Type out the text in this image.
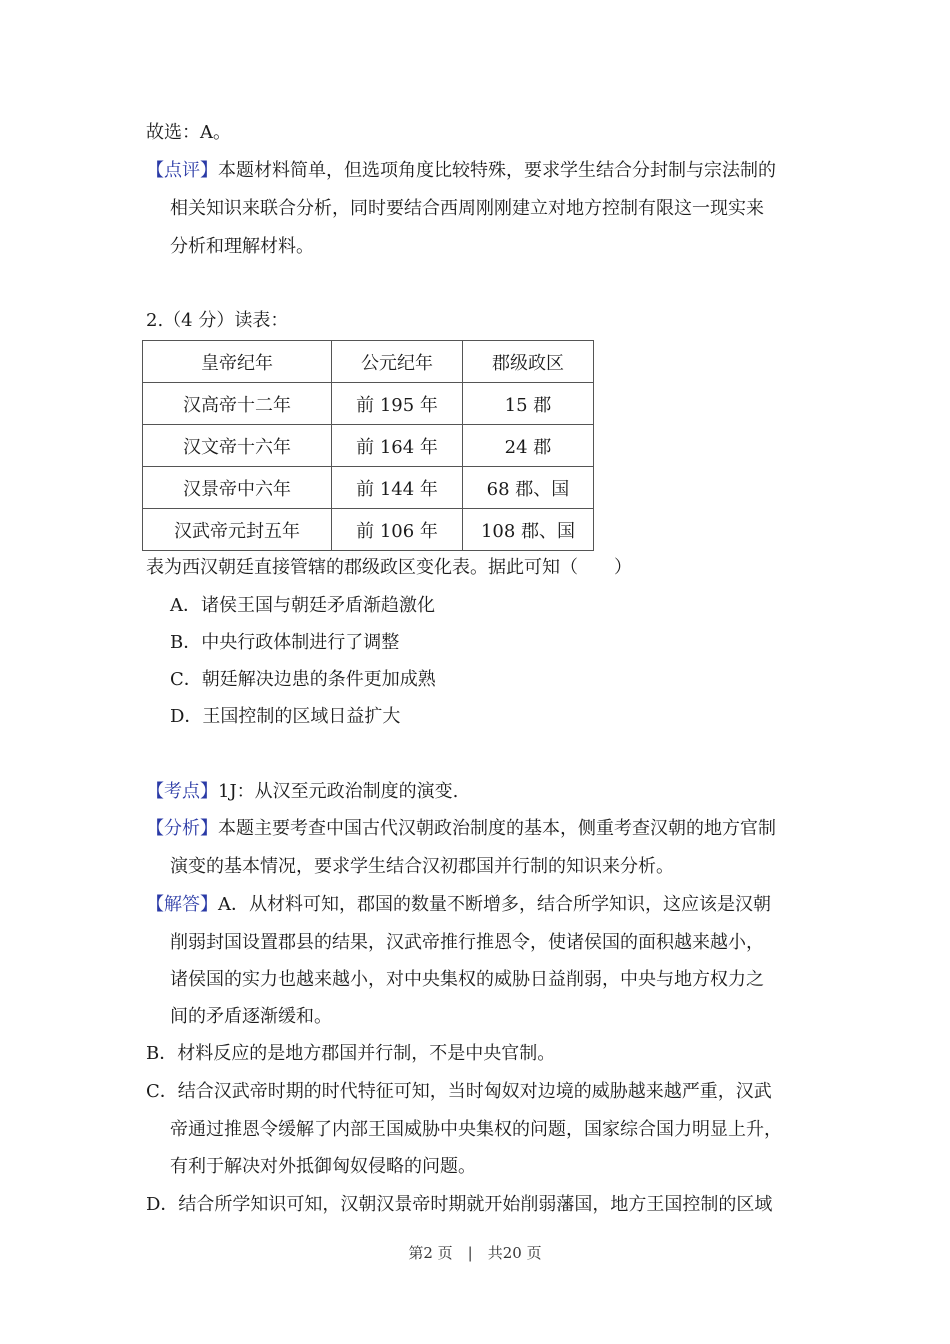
故选：A。
【点评】本题材料简单，但选项角度比较特殊，要求学生结合分封制与宗法制的
相关知识来联合分析，同时要结合西周刚刚建立对地方控制有限这一现实来
分析和理解材料。
2.（4 分）读表：
皇帝纪年	公元纪年	郡级政区
汉高帝十二年	前 195 年	15 郡
汉文帝十六年	前 164 年	24 郡
汉景帝中六年	前 144 年	68 郡、国
汉武帝元封五年	前 106 年	108 郡、国
表为西汉朝廷直接管辖的郡级政区变化表。据此可知（　　）
A．诸侯王国与朝廷矛盾渐趋激化
B．中央行政体制进行了调整
C．朝廷解决边患的条件更加成熟
D．王国控制的区域日益扩大
【考点】1J：从汉至元政治制度的演变.
【分析】本题主要考查中国古代汉朝政治制度的基本，侧重考查汉朝的地方官制
演变的基本情况，要求学生结合汉初郡国并行制的知识来分析。
【解答】A．从材料可知，郡国的数量不断增多，结合所学知识，这应该是汉朝
削弱封国设置郡县的结果，汉武帝推行推恩令，使诸侯国的面积越来越小，
诸侯国的实力也越来越小，对中央集权的威胁日益削弱，中央与地方权力之
间的矛盾逐渐缓和。
B．材料反应的是地方郡国并行制，不是中央官制。
C．结合汉武帝时期的时代特征可知，当时匈奴对边境的威胁越来越严重，汉武
帝通过推恩令缓解了内部王国威胁中央集权的问题，国家综合国力明显上升，
有利于解决对外抵御匈奴侵略的问题。
D．结合所学知识可知，汉朝汉景帝时期就开始削弱藩国，地方王国控制的区域
第2 页　|　共20 页
